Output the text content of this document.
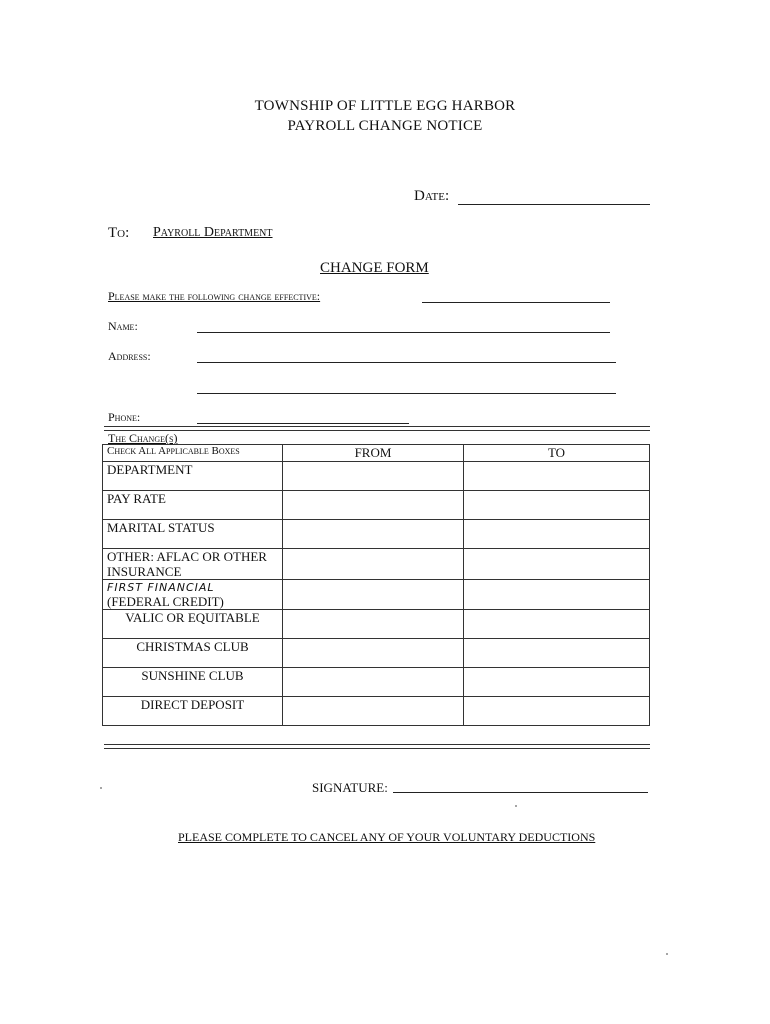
TOWNSHIP OF LITTLE EGG HARBOR
PAYROLL CHANGE NOTICE
Date:
To: Payroll Department
CHANGE FORM
Please make the following change effective:
Name:
Address:
Phone:
The Change(s)
Check All Applicable Boxes	FROM	TO
DEPARTMENT		
PAY RATE		
MARITAL STATUS		
OTHER: AFLAC OR OTHER INSURANCE		
FIRST FINANCIAL (FEDERAL CREDIT)		
VALIC OR EQUITABLE		
CHRISTMAS CLUB		
SUNSHINE CLUB		
DIRECT DEPOSIT		
SIGNATURE:
PLEASE COMPLETE TO CANCEL ANY OF YOUR VOLUNTARY DEDUCTIONS
